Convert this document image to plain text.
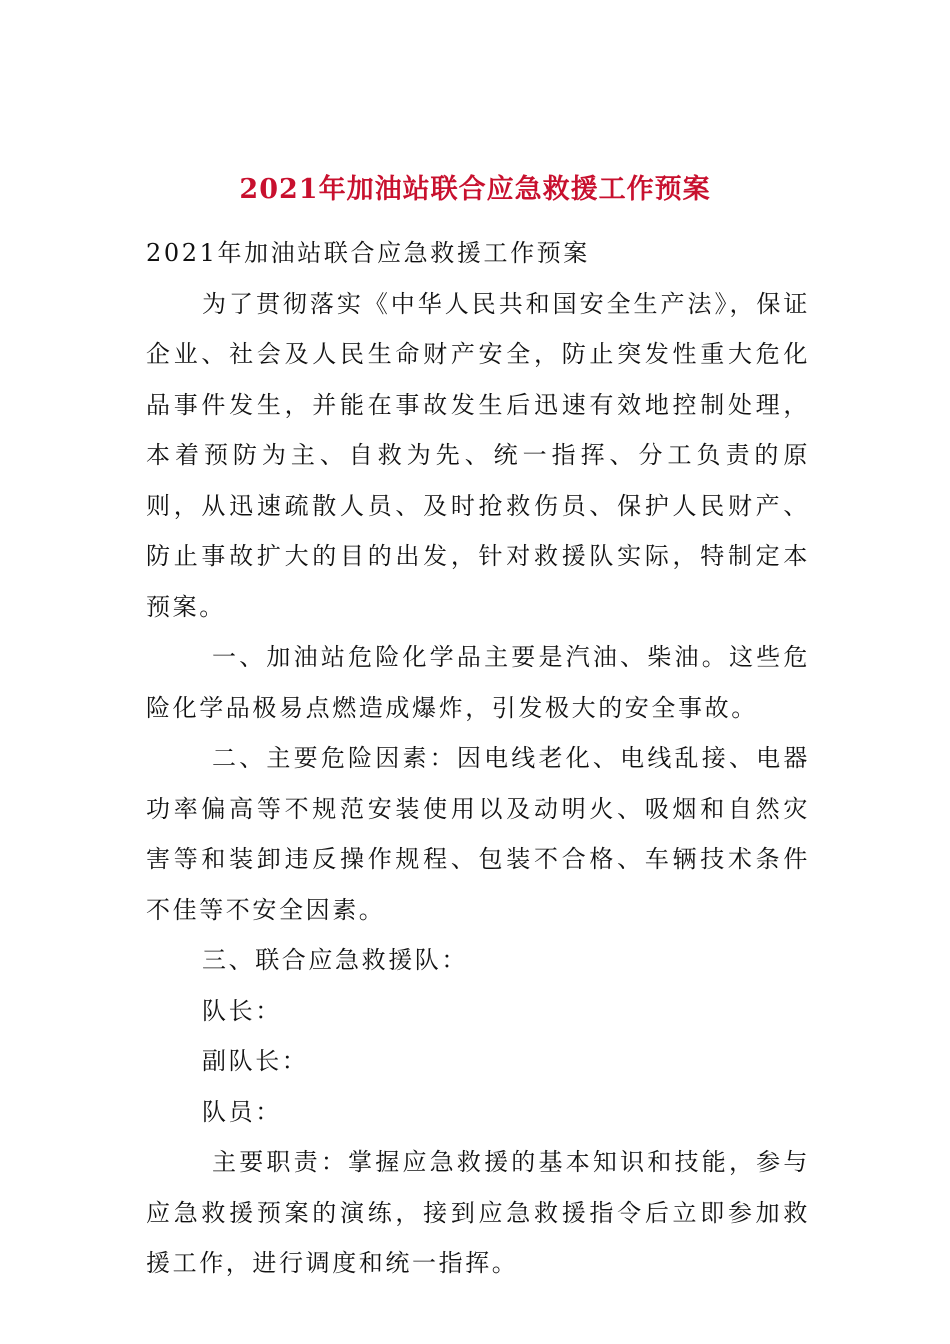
2021年加油站联合应急救援工作预案

2021年加油站联合应急救援工作预案

为了贯彻落实《中华人民共和国安全生产法》，保证企业、社会及人民生命财产安全，防止突发性重大危化品事件发生，并能在事故发生后迅速有效地控制处理，本着预防为主、自救为先、统一指挥、分工负责的原则，从迅速疏散人员、及时抢救伤员、保护人民财产、防止事故扩大的目的出发，针对救援队实际，特制定本预案。

一、加油站危险化学品主要是汽油、柴油。这些危险化学品极易点燃造成爆炸，引发极大的安全事故。

二、主要危险因素：因电线老化、电线乱接、电器功率偏高等不规范安装使用以及动明火、吸烟和自然灾害等和装卸违反操作规程、包装不合格、车辆技术条件不佳等不安全因素。

三、联合应急救援队：

队长：

副队长：

队员：

主要职责：掌握应急救援的基本知识和技能，参与应急救援预案的演练，接到应急救援指令后立即参加救援工作，进行调度和统一指挥。
